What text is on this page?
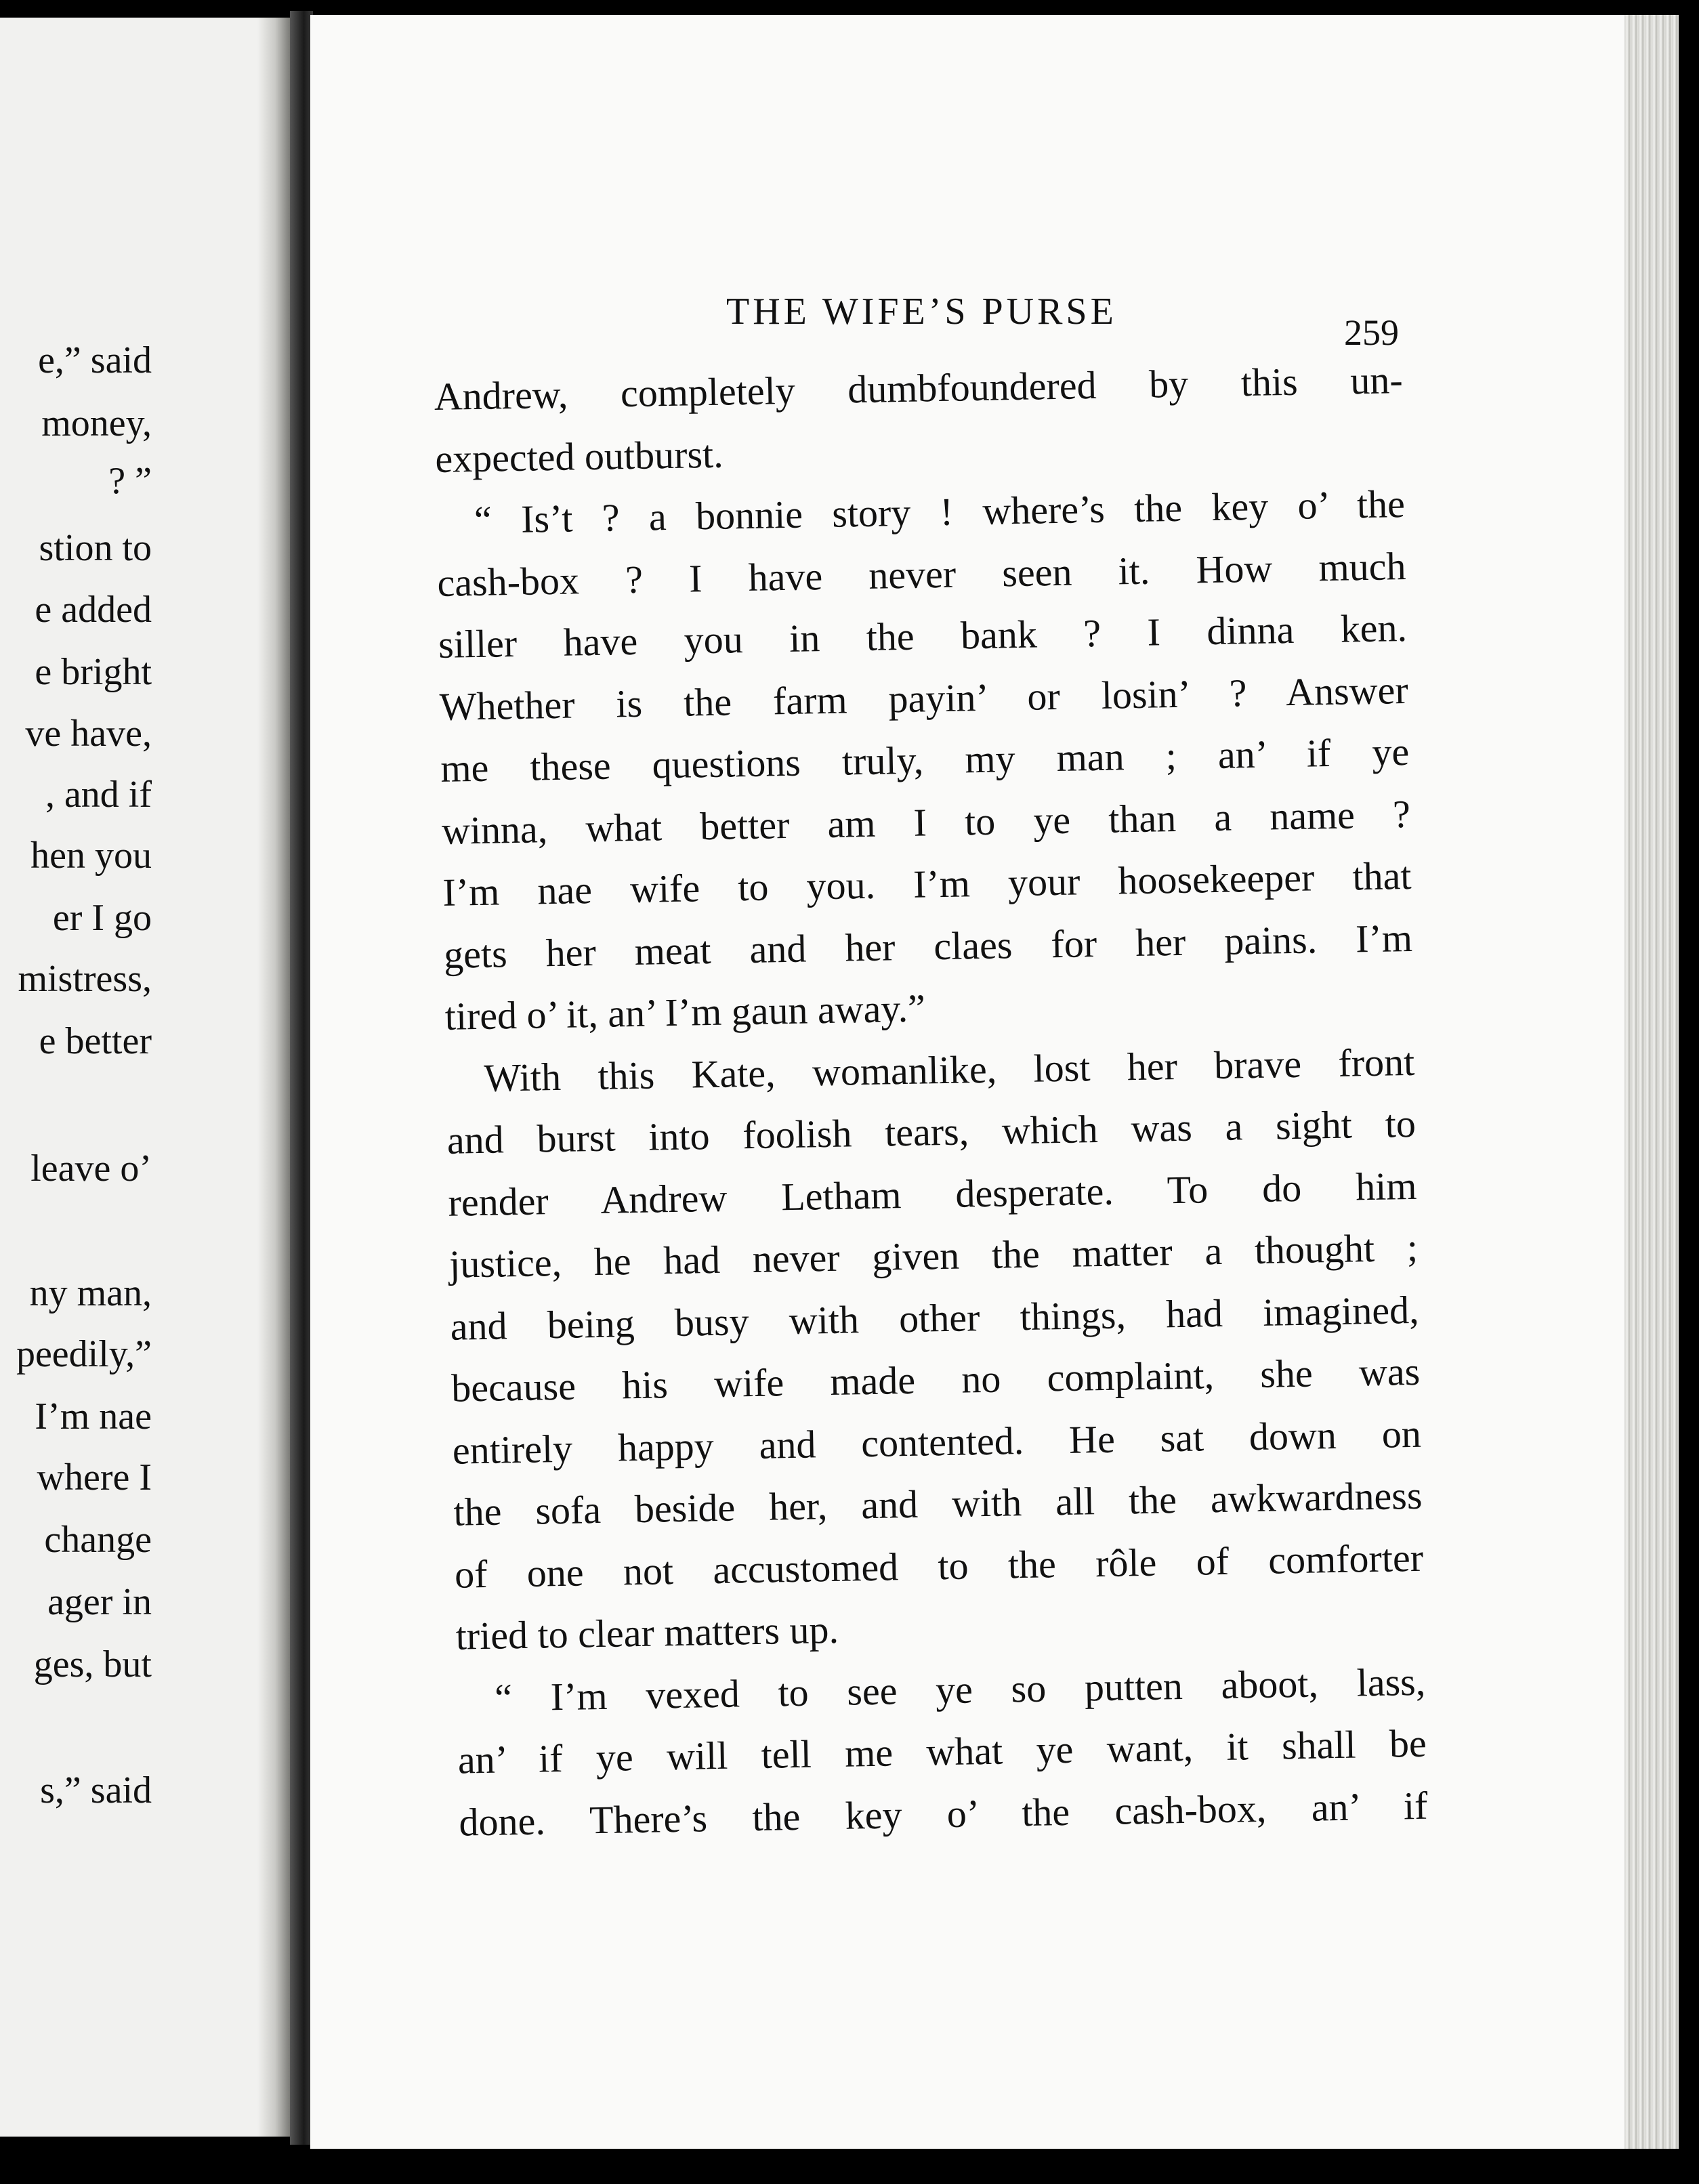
e,” said
money,
? ”
stion to
e added
e bright
ve have,
, and if
hen you
er I go
mistress,
e better
leave o’
ny man,
peedily,”
I’m nae
where I
change
ager in
ges, but
s,” said
THE WIFE’S PURSE	259
Andrew, completely dumbfoundered by this un-
expected outburst.
“ Is’t ? a bonnie story ! where’s the key o’ the
cash-box ? I have never seen it. How much
siller have you in the bank ? I dinna ken.
Whether is the farm payin’ or losin’ ? Answer
me these questions truly, my man ; an’ if ye
winna, what better am I to ye than a name ?
I’m nae wife to you. I’m your hoosekeeper that
gets her meat and her claes for her pains. I’m
tired o’ it, an’ I’m gaun away.”
With this Kate, womanlike, lost her brave front
and burst into foolish tears, which was a sight to
render Andrew Letham desperate. To do him
justice, he had never given the matter a thought ;
and being busy with other things, had imagined,
because his wife made no complaint, she was
entirely happy and contented. He sat down on
the sofa beside her, and with all the awkwardness
of one not accustomed to the rôle of comforter
tried to clear matters up.
“ I’m vexed to see ye so putten aboot, lass,
an’ if ye will tell me what ye want, it shall be
done. There’s the key o’ the cash-box, an’ if
